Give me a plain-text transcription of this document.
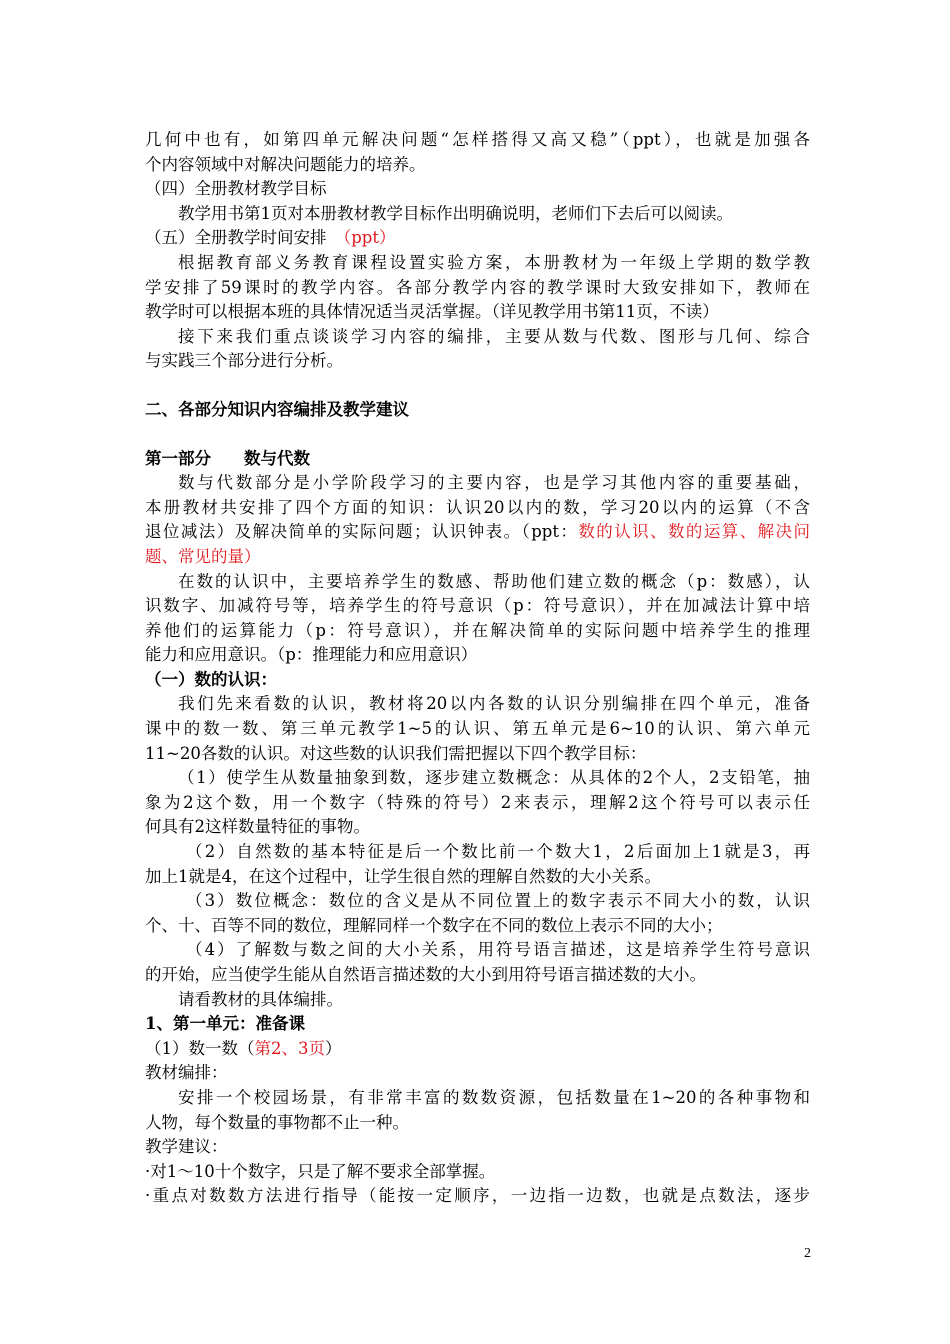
几何中也有，如第四单元解决问题“怎样搭得又高又稳”（ppt），也就是加强各
个内容领域中对解决问题能力的培养。
（四）全册教材教学目标
教学用书第1页对本册教材教学目标作出明确说明，老师们下去后可以阅读。
（五）全册教学时间安排　（ppt）
根据教育部义务教育课程设置实验方案，本册教材为一年级上学期的数学教
学安排了59课时的教学内容。各部分教学内容的教学课时大致安排如下，教师在
教学时可以根据本班的具体情况适当灵活掌握。（详见教学用书第11页，不读）
接下来我们重点谈谈学习内容的编排，主要从数与代数、图形与几何、综合
与实践三个部分进行分析。
二、各部分知识内容编排及教学建议
第一部分　　数与代数
数与代数部分是小学阶段学习的主要内容，也是学习其他内容的重要基础，
本册教材共安排了四个方面的知识：认识20以内的数，学习20以内的运算（不含
退位减法）及解决简单的实际问题；认识钟表。（ppt：数的认识、数的运算、解决问
题、常见的量）
在数的认识中，主要培养学生的数感、帮助他们建立数的概念（p：数感），认
识数字、加减符号等，培养学生的符号意识（p：符号意识），并在加减法计算中培
养他们的运算能力（p：符号意识），并在解决简单的实际问题中培养学生的推理
能力和应用意识。（p：推理能力和应用意识）
（一）数的认识：
我们先来看数的认识，教材将20以内各数的认识分别编排在四个单元，准备
课中的数一数、第三单元教学1~5的认识、第五单元是6~10的认识、第六单元
11~20各数的认识。对这些数的认识我们需把握以下四个教学目标：
（1）使学生从数量抽象到数，逐步建立数概念：从具体的2个人，2支铅笔，抽
象为2这个数，用一个数字（特殊的符号）2来表示，理解2这个符号可以表示任
何具有2这样数量特征的事物。
（2）自然数的基本特征是后一个数比前一个数大1，2后面加上1就是3，再
加上1就是4，在这个过程中，让学生很自然的理解自然数的大小关系。
（3）数位概念：数位的含义是从不同位置上的数字表示不同大小的数，认识
个、十、百等不同的数位，理解同样一个数字在不同的数位上表示不同的大小；
（4）了解数与数之间的大小关系，用符号语言描述，这是培养学生符号意识
的开始，应当使学生能从自然语言描述数的大小到用符号语言描述数的大小。
请看教材的具体编排。
1、第一单元：准备课
（1）数一数（第2、3页）
教材编排：
安排一个校园场景，有非常丰富的数数资源，包括数量在1~20的各种事物和
人物，每个数量的事物都不止一种。
教学建议：
·对1～10十个数字，只是了解不要求全部掌握。
·重点对数数方法进行指导（能按一定顺序，一边指一边数，也就是点数法，逐步
2
